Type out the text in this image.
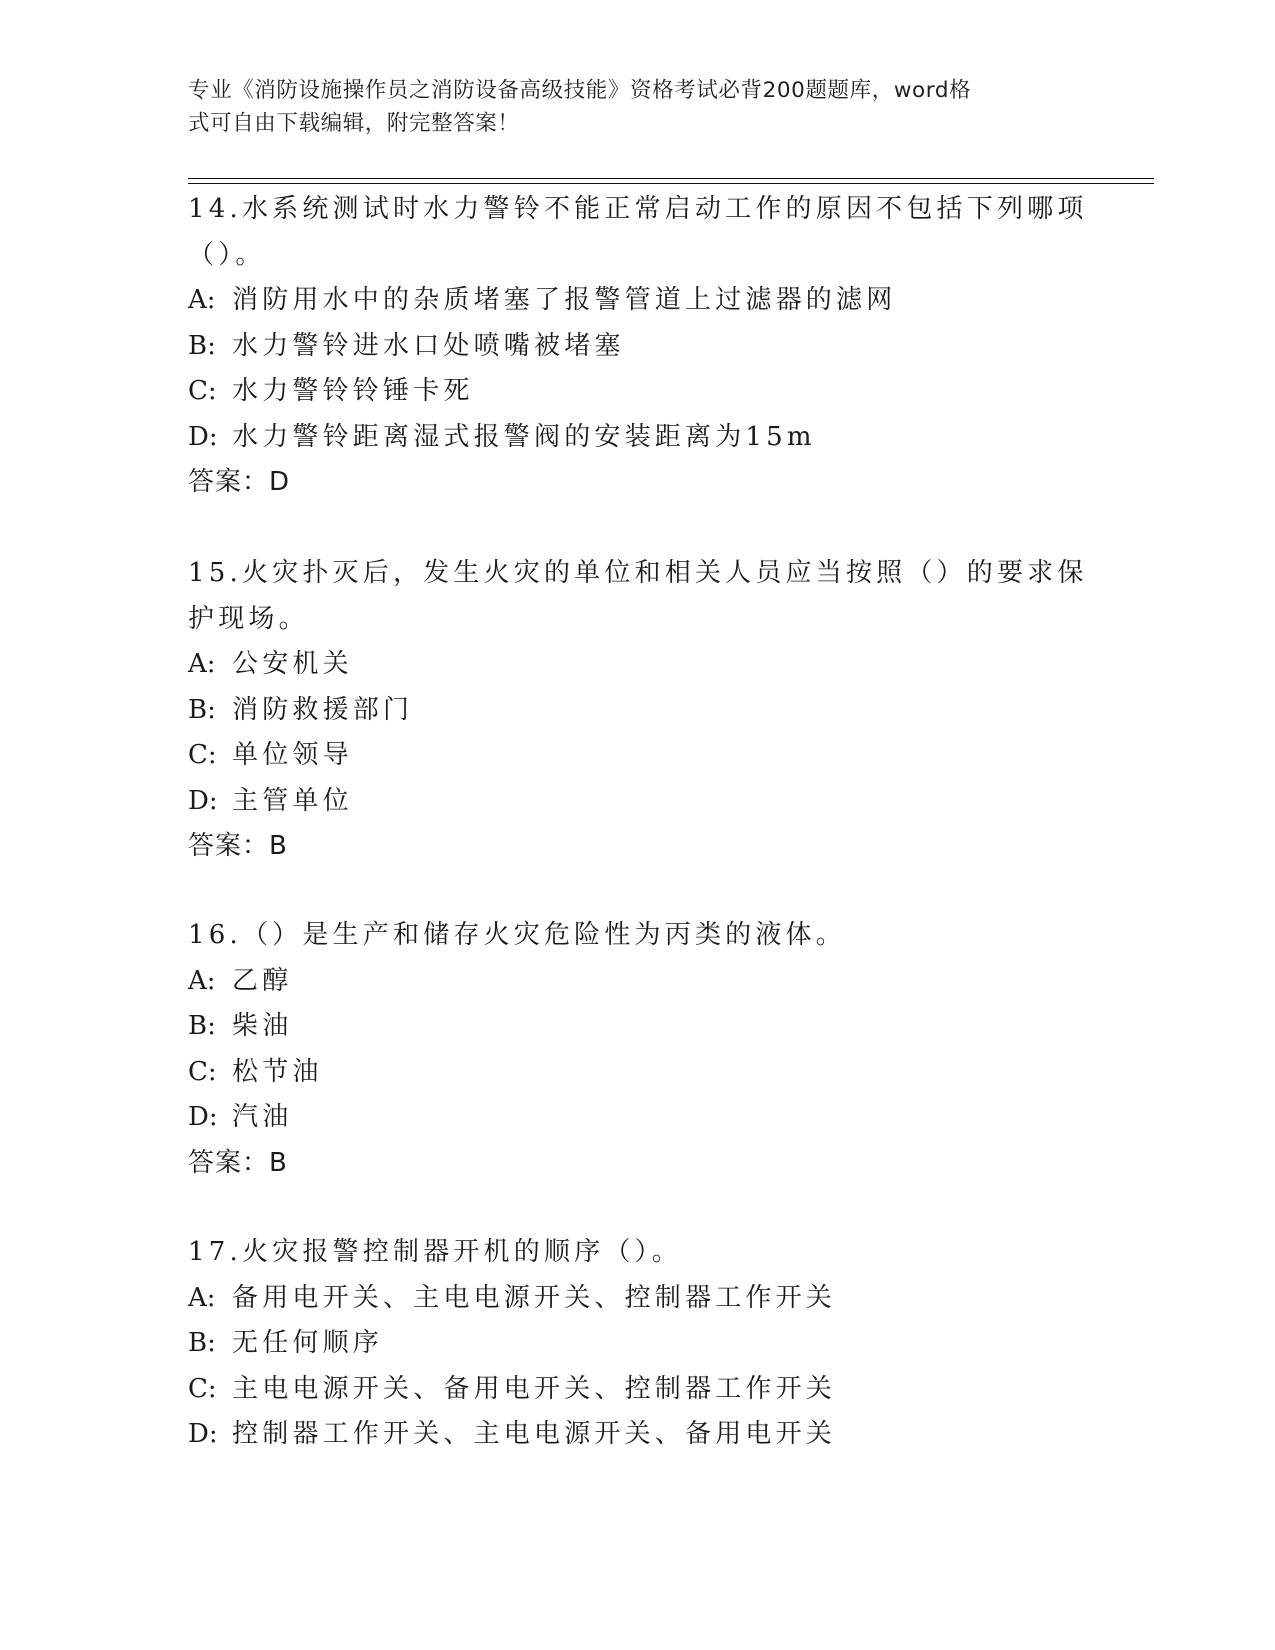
专业《消防设施操作员之消防设备高级技能》资格考试必背200题题库，word格
式可自由下载编辑，附完整答案！
14.水系统测试时水力警铃不能正常启动工作的原因不包括下列哪项（）。
A: 消防用水中的杂质堵塞了报警管道上过滤器的滤网
B: 水力警铃进水口处喷嘴被堵塞
C: 水力警铃铃锤卡死
D: 水力警铃距离湿式报警阀的安装距离为15m
答案：D
15.火灾扑灭后，发生火灾的单位和相关人员应当按照（）的要求保护现场。
A: 公安机关
B: 消防救援部门
C: 单位领导
D: 主管单位
答案：B
16.（）是生产和储存火灾危险性为丙类的液体。
A: 乙醇
B: 柴油
C: 松节油
D: 汽油
答案：B
17.火灾报警控制器开机的顺序（）。
A: 备用电开关、主电电源开关、控制器工作开关
B: 无任何顺序
C: 主电电源开关、备用电开关、控制器工作开关
D: 控制器工作开关、主电电源开关、备用电开关
